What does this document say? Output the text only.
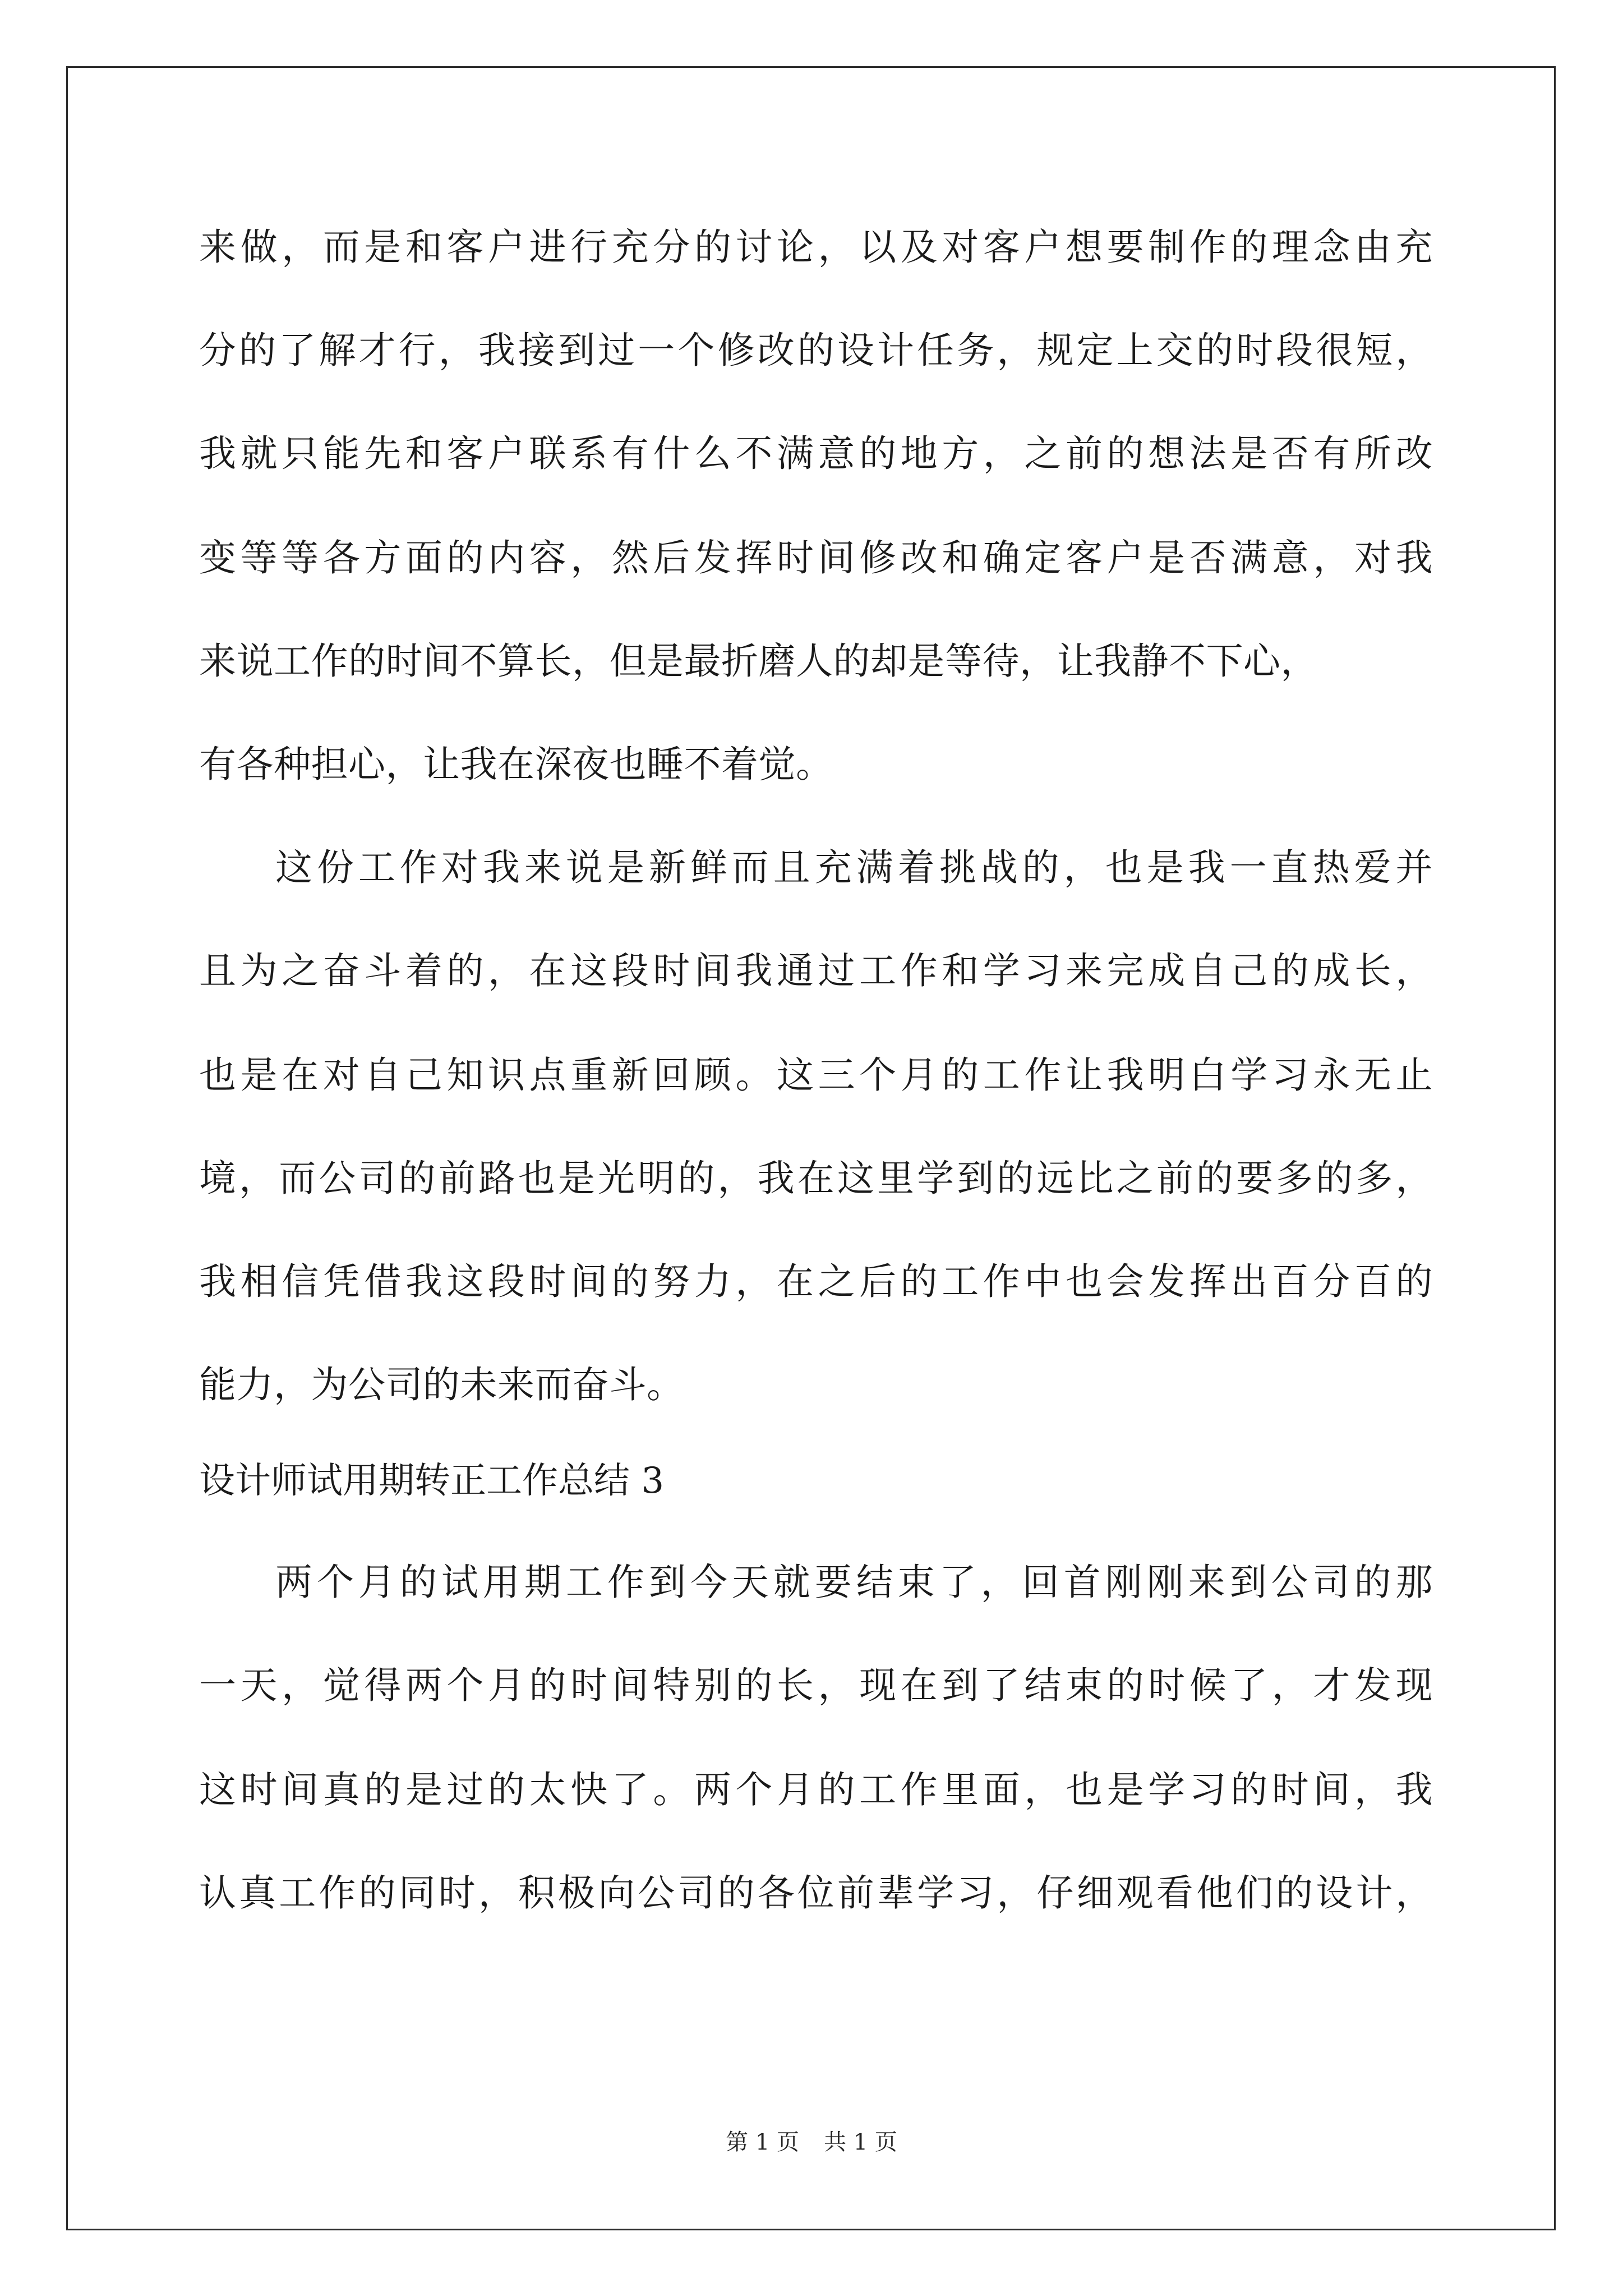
来做，而是和客户进行充分的讨论，以及对客户想要制作的理念由充
分的了解才行，我接到过一个修改的设计任务，规定上交的时段很短，
我就只能先和客户联系有什么不满意的地方，之前的想法是否有所改
变等等各方面的内容，然后发挥时间修改和确定客户是否满意，对我
来说工作的时间不算长，但是最折磨人的却是等待，让我静不下心，
有各种担心，让我在深夜也睡不着觉。
这份工作对我来说是新鲜而且充满着挑战的，也是我一直热爱并
且为之奋斗着的，在这段时间我通过工作和学习来完成自己的成长，
也是在对自己知识点重新回顾。这三个月的工作让我明白学习永无止
境，而公司的前路也是光明的，我在这里学到的远比之前的要多的多，
我相信凭借我这段时间的努力，在之后的工作中也会发挥出百分百的
能力，为公司的未来而奋斗。
设计师试用期转正工作总结 3
两个月的试用期工作到今天就要结束了，回首刚刚来到公司的那
一天，觉得两个月的时间特别的长，现在到了结束的时候了，才发现
这时间真的是过的太快了。两个月的工作里面，也是学习的时间，我
认真工作的同时，积极向公司的各位前辈学习，仔细观看他们的设计，
第 1 页 共 1 页
